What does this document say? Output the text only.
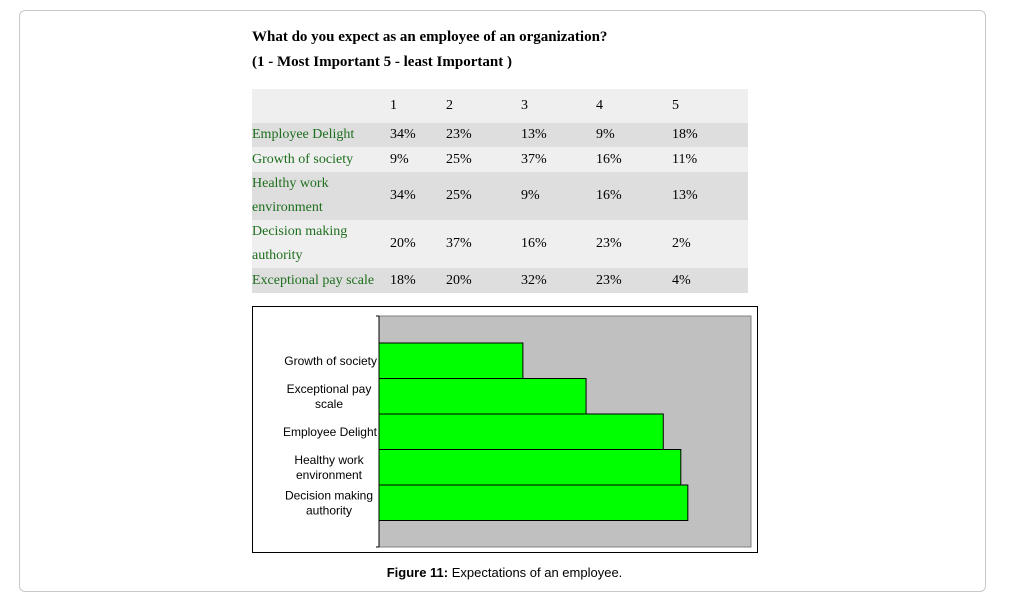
What do you expect as an employee of an organization?
(1 - Most Important 5 - least Important )
	1	2	3	4	5
Employee Delight	34%	23%	13%	9%	18%
Growth of society	9%	25%	37%	16%	11%
Healthy work
environment	34%	25%	9%	16%	13%
Decision making
authority	20%	37%	16%	23%	2%
Exceptional pay scale	18%	20%	32%	23%	4%
Growth of society
Exceptional pay scale
Employee Delight
Healthy work environment
Decision making authority
Figure 11: Expectations of an employee.
